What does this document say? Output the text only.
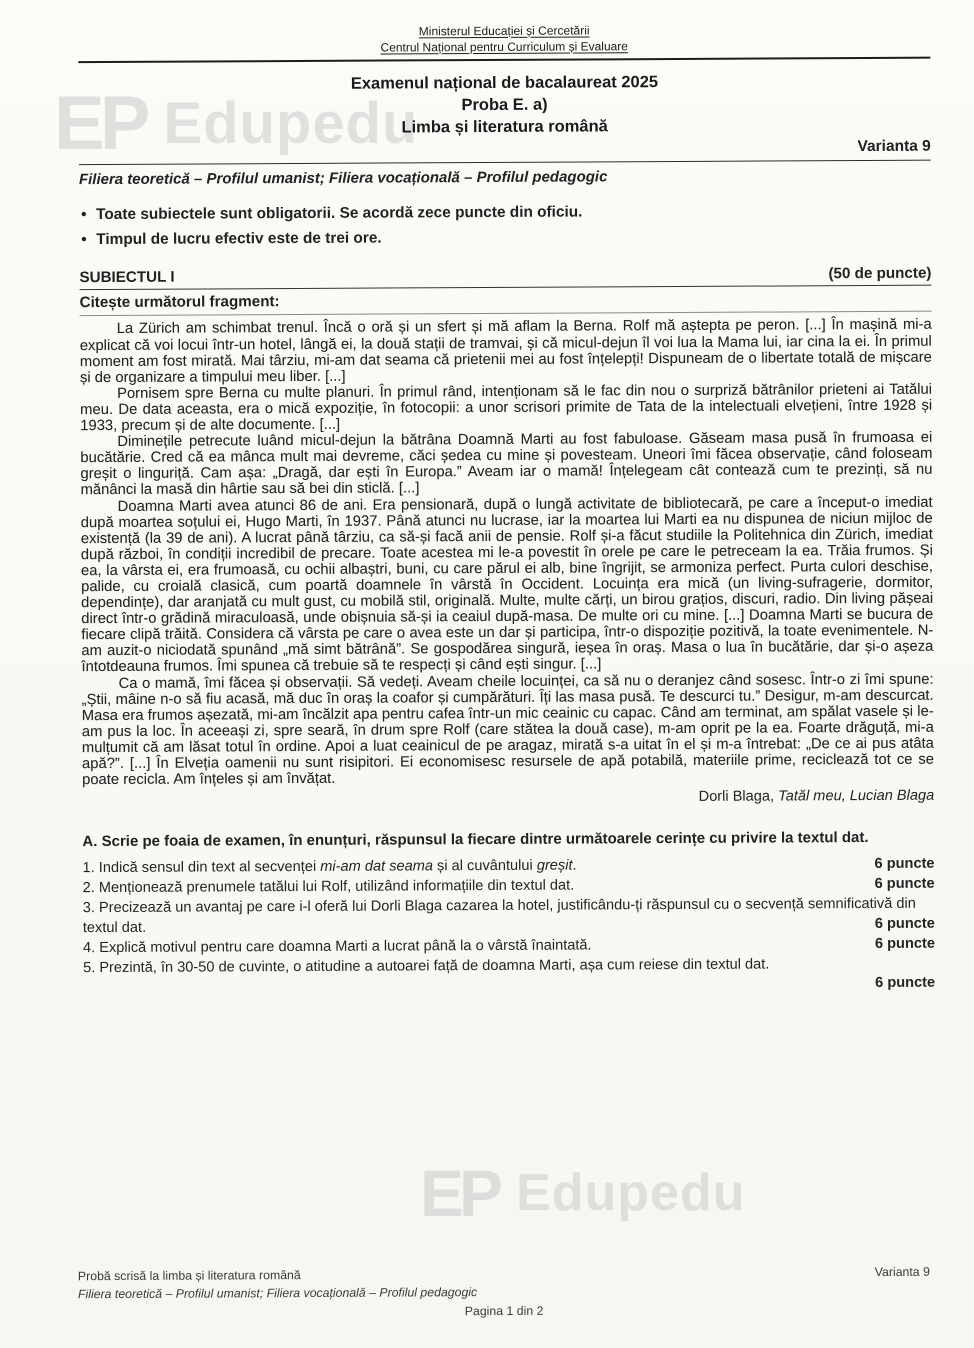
EP Edupedu
EP Edupedu
Ministerul Educației și Cercetării
Centrul Național pentru Curriculum și Evaluare
Examenul național de bacalaureat 2025
Proba E. a)
Limba și literatura română
Varianta 9
Filiera teoretică – Profilul umanist; Filiera vocațională – Profilul pedagogic
• Toate subiectele sunt obligatorii. Se acordă zece puncte din oficiu.
• Timpul de lucru efectiv este de trei ore.
SUBIECTUL I	(50 de puncte)
Citește următorul fragment:

La Zürich am schimbat trenul. Încă o oră și un sfert și mă aflam la Berna. Rolf mă aștepta pe peron. [...] În mașină mi-a explicat că voi locui într-un hotel, lângă ei, la două stații de tramvai, și că micul-dejun îl voi lua la Mama lui, iar cina la ei. În primul moment am fost mirată. Mai târziu, mi-am dat seama că prietenii mei au fost înțelepți! Dispuneam de o libertate totală de mișcare și de organizare a timpului meu liber. [...]

Pornisem spre Berna cu multe planuri. În primul rând, intenționam să le fac din nou o surpriză bătrânilor prieteni ai Tatălui meu. De data aceasta, era o mică expoziție, în fotocopii: a unor scrisori primite de Tata de la intelectuali elvețieni, între 1928 și 1933, precum și de alte documente. [...]

Diminețile petrecute luând micul-dejun la bătrâna Doamnă Marti au fost fabuloase. Găseam masa pusă în frumoasa ei bucătărie. Cred că ea mânca mult mai devreme, căci ședea cu mine și povesteam. Uneori îmi făcea observație, când foloseam greșit o linguriță. Cam așa: „Dragă, dar ești în Europa.” Aveam iar o mamă! Înțelegeam cât contează cum te prezinți, să nu mănânci la masă din hârtie sau să bei din sticlă. [...]

Doamna Marti avea atunci 86 de ani. Era pensionară, după o lungă activitate de bibliotecară, pe care a început-o imediat după moartea soțului ei, Hugo Marti, în 1937. Până atunci nu lucrase, iar la moartea lui Marti ea nu dispunea de niciun mijloc de existență (la 39 de ani). A lucrat până târziu, ca să-și facă anii de pensie. Rolf și-a făcut studiile la Politehnica din Zürich, imediat după război, în condiții incredibil de precare. Toate acestea mi le-a povestit în orele pe care le petreceam la ea. Trăia frumos. Și ea, la vârsta ei, era frumoasă, cu ochii albaștri, buni, cu care părul ei alb, bine îngrijit, se armoniza perfect. Purta culori deschise, palide, cu croială clasică, cum poartă doamnele în vârstă în Occident. Locuința era mică (un living-sufragerie, dormitor, dependințe), dar aranjată cu mult gust, cu mobilă stil, originală. Multe, multe cărți, un birou grațios, discuri, radio. Din living pășeai direct într-o grădină miraculoasă, unde obișnuia să-și ia ceaiul după-masa. De multe ori cu mine. [...] Doamna Marti se bucura de fiecare clipă trăită. Considera că vârsta pe care o avea este un dar și participa, într-o dispoziție pozitivă, la toate evenimentele. N-am auzit-o niciodată spunând „mă simt bătrână”. Se gospodărea singură, ieșea în oraș. Masa o lua în bucătărie, dar și-o așeza întotdeauna frumos. Îmi spunea că trebuie să te respecți și când ești singur. [...]

Ca o mamă, îmi făcea și observații. Să vedeți. Aveam cheile locuinței, ca să nu o deranjez când sosesc. Într-o zi îmi spune: „Știi, mâine n-o să fiu acasă, mă duc în oraș la coafor și cumpărături. Îți las masa pusă. Te descurci tu.” Desigur, m-am descurcat. Masa era frumos așezată, mi-am încălzit apa pentru cafea într-un mic ceainic cu capac. Când am terminat, am spălat vasele și le-am pus la loc. În aceeași zi, spre seară, în drum spre Rolf (care stătea la două case), m-am oprit pe la ea. Foarte drăguță, mi-a mulțumit că am lăsat totul în ordine. Apoi a luat ceainicul de pe aragaz, mirată s-a uitat în el și m-a întrebat: „De ce ai pus atâta apă?”. [...] În Elveția oamenii nu sunt risipitori. Ei economisesc resursele de apă potabilă, materiile prime, reciclează tot ce se poate recicla. Am înțeles și am învățat.

Dorli Blaga, Tatăl meu, Lucian Blaga
A. Scrie pe foaia de examen, în enunțuri, răspunsul la fiecare dintre următoarele cerințe cu privire la textul dat.
1. Indică sensul din text al secvenței mi-am dat seama și al cuvântului greșit.	6 puncte
2. Menționează prenumele tatălui lui Rolf, utilizând informațiile din textul dat.	6 puncte
3. Precizează un avantaj pe care i-l oferă lui Dorli Blaga cazarea la hotel, justificându-ți răspunsul cu o secvență semnificativă din textul dat.	6 puncte
4. Explică motivul pentru care doamna Marti a lucrat până la o vârstă înaintată.	6 puncte
5. Prezintă, în 30-50 de cuvinte, o atitudine a autoarei față de doamna Marti, așa cum reiese din textul dat.
6 puncte
Probă scrisă la limba și literatura română	Varianta 9
Filiera teoretică – Profilul umanist; Filiera vocațională – Profilul pedagogic
Pagina 1 din 2
